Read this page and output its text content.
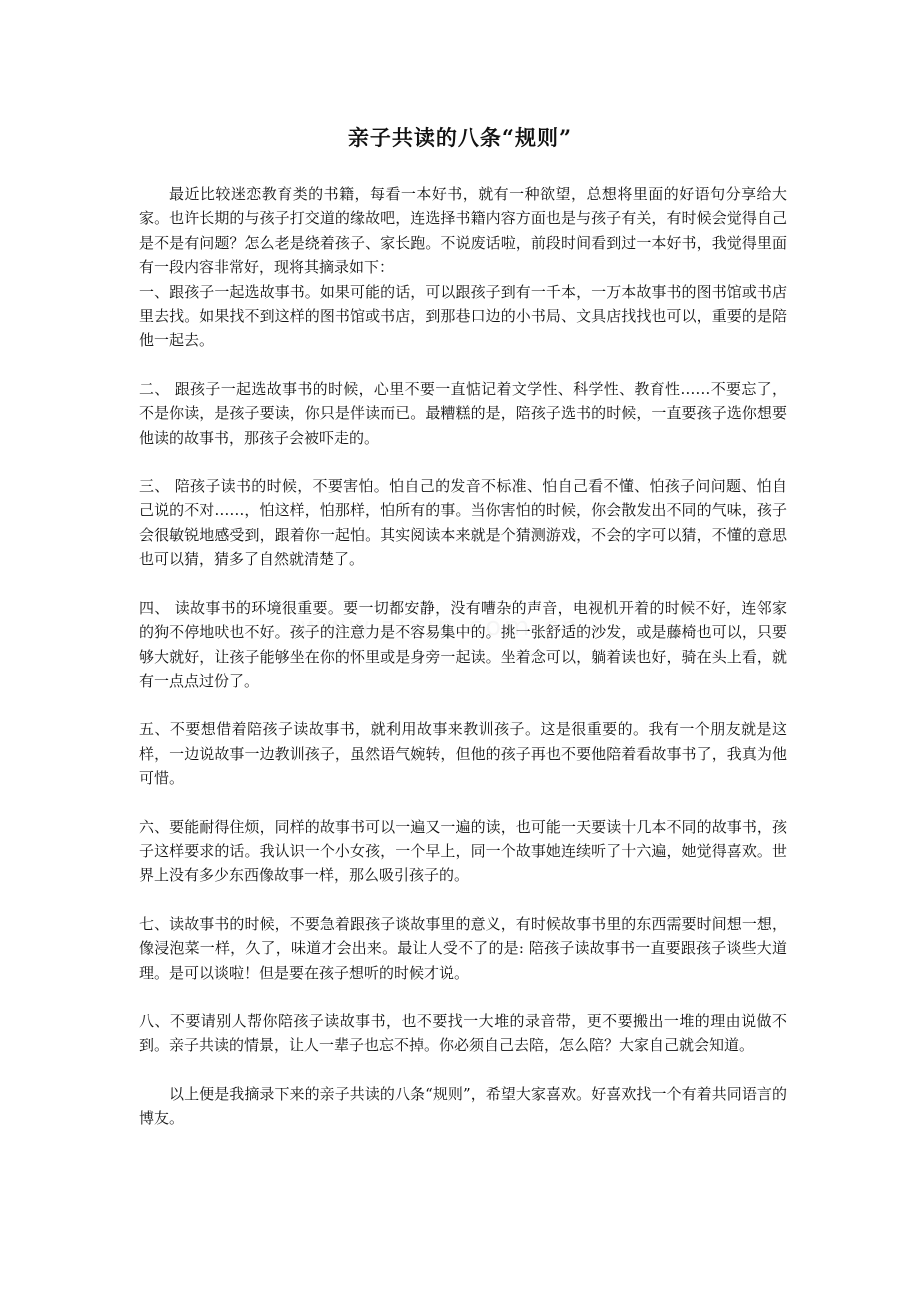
亲子共读的八条“规则”

最近比较迷恋教育类的书籍，每看一本好书，就有一种欲望，总想将里面的好语句分享给大家。也许长期的与孩子打交道的缘故吧，连选择书籍内容方面也是与孩子有关，有时候会觉得自己是不是有问题？怎么老是绕着孩子、家长跑。不说废话啦，前段时间看到过一本好书，我觉得里面有一段内容非常好，现将其摘录如下：

一、跟孩子一起选故事书。如果可能的话，可以跟孩子到有一千本，一万本故事书的图书馆或书店里去找。如果找不到这样的图书馆或书店，到那巷口边的小书局、文具店找找也可以，重要的是陪他一起去。

二、 跟孩子一起选故事书的时候，心里不要一直惦记着文学性、科学性、教育性……不要忘了，不是你读，是孩子要读，你只是伴读而已。最糟糕的是，陪孩子选书的时候，一直要孩子选你想要他读的故事书，那孩子会被吓走的。

三、 陪孩子读书的时候，不要害怕。怕自己的发音不标准、怕自己看不懂、怕孩子问问题、怕自己说的不对……，怕这样，怕那样，怕所有的事。当你害怕的时候，你会散发出不同的气味，孩子会很敏锐地感受到，跟着你一起怕。其实阅读本来就是个猜测游戏，不会的字可以猜，不懂的意思也可以猜，猜多了自然就清楚了。

四、 读故事书的环境很重要。要一切都安静，没有嘈杂的声音，电视机开着的时候不好，连邻家的狗不停地吠也不好。孩子的注意力是不容易集中的。挑一张舒适的沙发，或是藤椅也可以，只要够大就好，让孩子能够坐在你的怀里或是身旁一起读。坐着念可以，躺着读也好，骑在头上看，就有一点点过份了。

五、不要想借着陪孩子读故事书，就利用故事来教训孩子。这是很重要的。我有一个朋友就是这样，一边说故事一边教训孩子，虽然语气婉转，但他的孩子再也不要他陪着看故事书了，我真为他可惜。

六、要能耐得住烦，同样的故事书可以一遍又一遍的读，也可能一天要读十几本不同的故事书，孩子这样要求的话。我认识一个小女孩，一个早上，同一个故事她连续听了十六遍，她觉得喜欢。世界上没有多少东西像故事一样，那么吸引孩子的。

七、读故事书的时候，不要急着跟孩子谈故事里的意义，有时候故事书里的东西需要时间想一想，像浸泡菜一样，久了，味道才会出来。最让人受不了的是: 陪孩子读故事书一直要跟孩子谈些大道理。是可以谈啦！但是要在孩子想听的时候才说。

八、不要请别人帮你陪孩子读故事书，也不要找一大堆的录音带，更不要搬出一堆的理由说做不到。亲子共读的情景，让人一辈子也忘不掉。你必须自己去陪，怎么陪？大家自己就会知道。

以上便是我摘录下来的亲子共读的八条“规则”，希望大家喜欢。好喜欢找一个有着共同语言的博友。
